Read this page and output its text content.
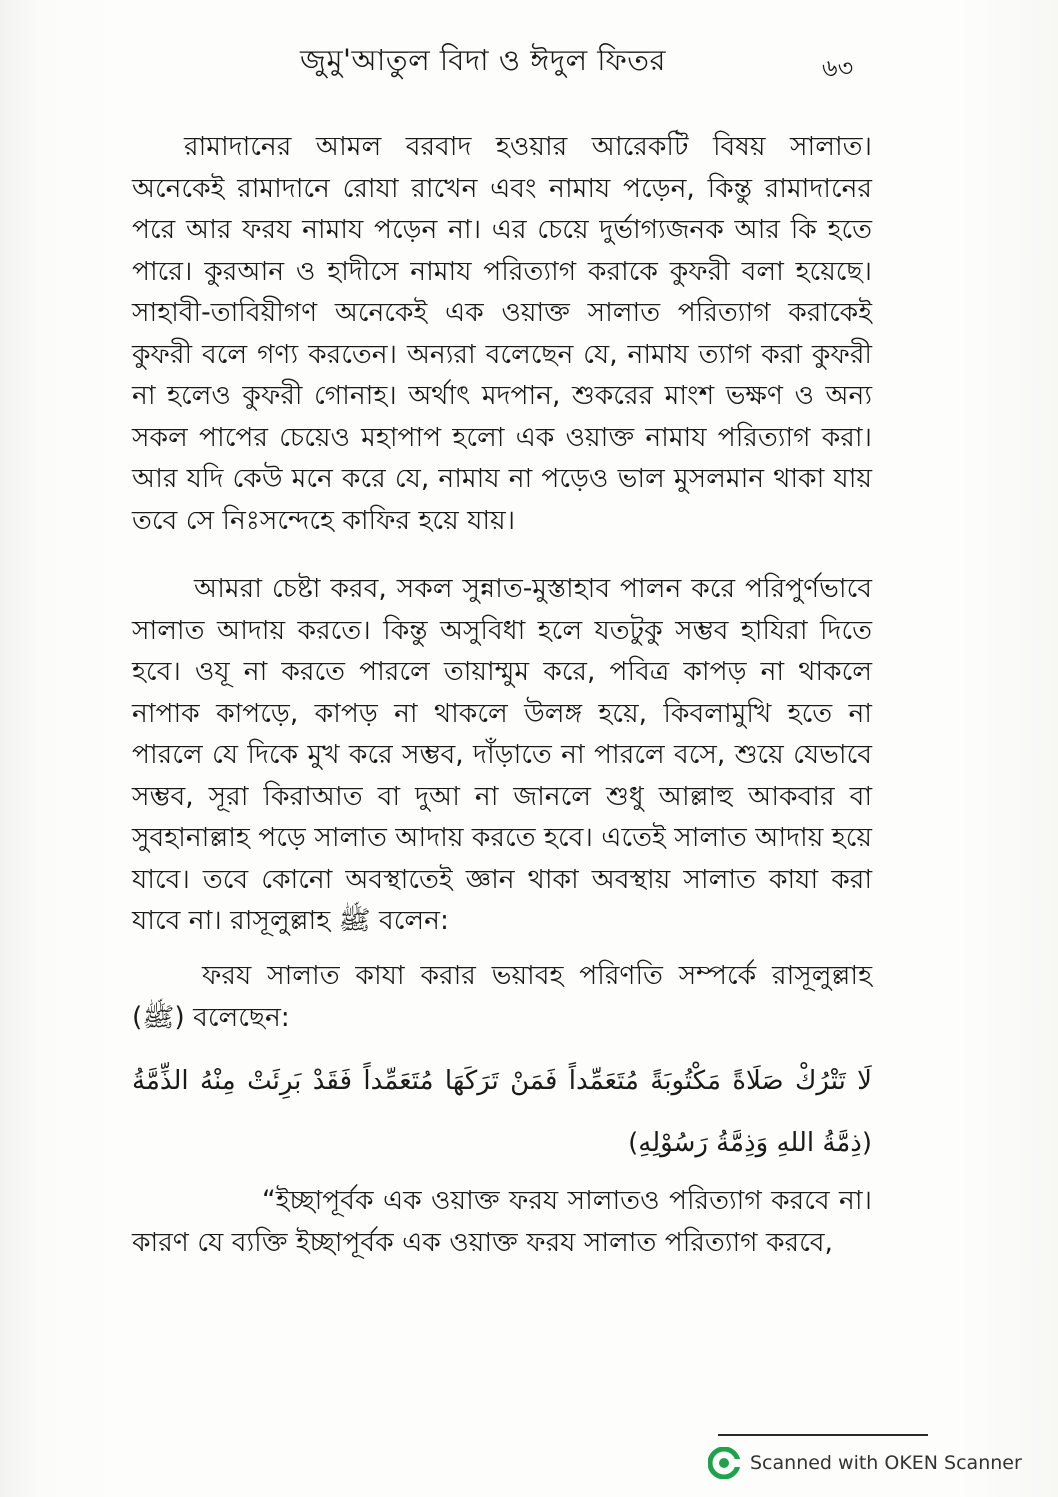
জুমু'আতুল বিদা ও ঈদুল ফিতর	৬৩
রামাদানের আমল বরবাদ হওয়ার আরেকটি বিষয় সালাত। অনেকেই রামাদানে রোযা রাখেন এবং নামায পড়েন, কিন্তু রামাদানের পরে আর ফরয নামায পড়েন না। এর চেয়ে দুর্ভাগ্যজনক আর কি হতে পারে। কুরআন ও হাদীসে নামায পরিত্যাগ করাকে কুফরী বলা হয়েছে। সাহাবী-তাবিয়ীগণ অনেকেই এক ওয়াক্ত সালাত পরিত্যাগ করাকেই কুফরী বলে গণ্য করতেন। অন্যরা বলেছেন যে, নামায ত্যাগ করা কুফরী না হলেও কুফরী গোনাহ। অর্থাৎ মদপান, শুকরের মাংশ ভক্ষণ ও অন্য সকল পাপের চেয়েও মহাপাপ হলো এক ওয়াক্ত নামায পরিত্যাগ করা। আর যদি কেউ মনে করে যে, নামায না পড়েও ভাল মুসলমান থাকা যায় তবে সে নিঃসন্দেহে কাফির হয়ে যায়।
আমরা চেষ্টা করব, সকল সুন্নাত-মুস্তাহাব পালন করে পরিপুর্ণভাবে সালাত আদায় করতে। কিন্তু অসুবিধা হলে যতটুকু সম্ভব হাযিরা দিতে হবে। ওযূ না করতে পারলে তায়াম্মুম করে, পবিত্র কাপড় না থাকলে নাপাক কাপড়ে, কাপড় না থাকলে উলঙ্গ হয়ে, কিবলামুখি হতে না পারলে যে দিকে মুখ করে সম্ভব, দাঁড়াতে না পারলে বসে, শুয়ে যেভাবে সম্ভব, সূরা কিরাআত বা দুআ না জানলে শুধু আল্লাহু আকবার বা সুবহানাল্লাহ পড়ে সালাত আদায় করতে হবে। এতেই সালাত আদায় হয়ে যাবে। তবে কোনো অবস্থাতেই জ্ঞান থাকা অবস্থায় সালাত কাযা করা যাবে না। রাসূলুল্লাহ ﷺ বলেন:
ফরয সালাত কাযা করার ভয়াবহ পরিণতি সম্পর্কে রাসূলুল্লাহ (ﷺ) বলেছেন:
لَا تَتْرُكْ صَلَاةً مَكْتُوبَةً مُتَعَمِّداً فَمَنْ تَرَكَهَا مُتَعَمِّداً فَقَدْ بَرِئَتْ مِنْهُ الذِّمَّةُ (ذِمَّةُ اللهِ وَذِمَّةُ رَسُوْلِهِ)
“ইচ্ছাপূর্বক এক ওয়াক্ত ফরয সালাতও পরিত্যাগ করবে না। কারণ যে ব্যক্তি ইচ্ছাপূর্বক এক ওয়াক্ত ফরয সালাত পরিত্যাগ করবে,
Scanned with OKEN Scanner
